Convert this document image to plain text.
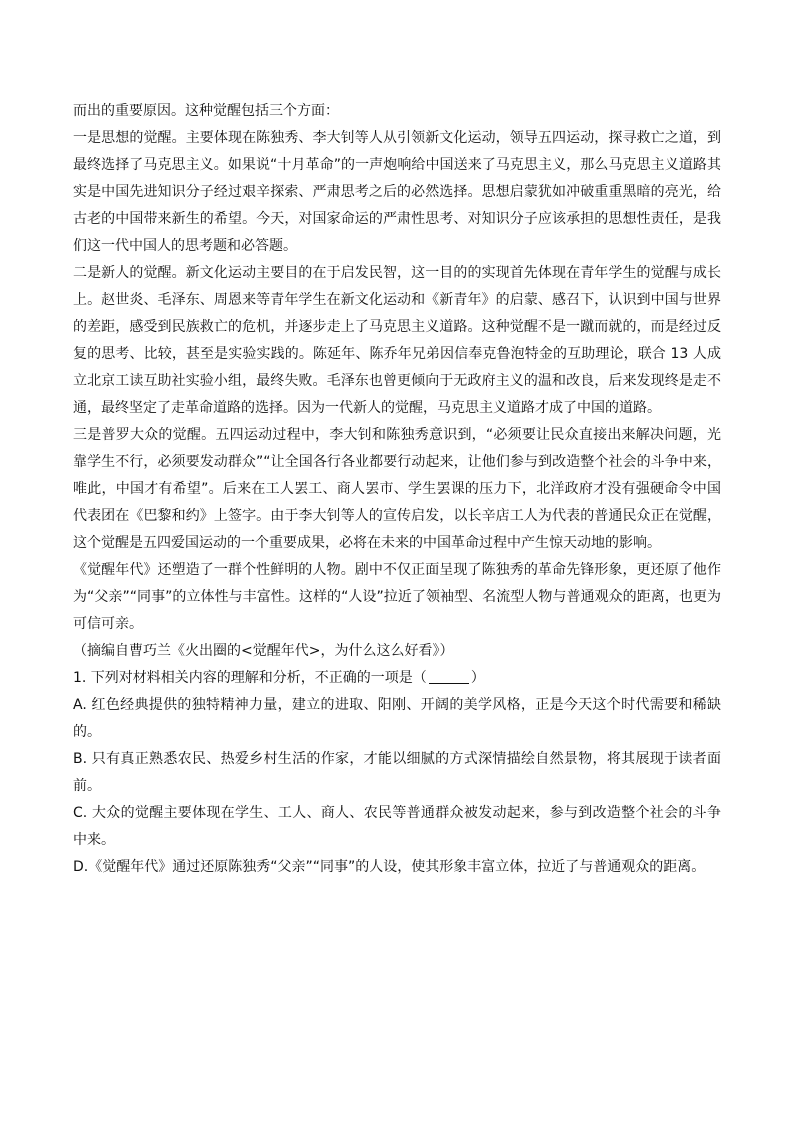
而出的重要原因。这种觉醒包括三个方面：

一是思想的觉醒。主要体现在陈独秀、李大钊等人从引领新文化运动，领导五四运动，探寻救亡之道，到最终选择了马克思主义。如果说“十月革命”的一声炮响给中国送来了马克思主义，那么马克思主义道路其实是中国先进知识分子经过艰辛探索、严肃思考之后的必然选择。思想启蒙犹如冲破重重黑暗的亮光，给古老的中国带来新生的希望。今天，对国家命运的严肃性思考、对知识分子应该承担的思想性责任，是我们这一代中国人的思考题和必答题。

二是新人的觉醒。新文化运动主要目的在于启发民智，这一目的的实现首先体现在青年学生的觉醒与成长上。赵世炎、毛泽东、周恩来等青年学生在新文化运动和《新青年》的启蒙、感召下，认识到中国与世界的差距，感受到民族救亡的危机，并逐步走上了马克思主义道路。这种觉醒不是一蹴而就的，而是经过反复的思考、比较，甚至是实验实践的。陈延年、陈乔年兄弟因信奉克鲁泡特金的互助理论，联合 13 人成立北京工读互助社实验小组，最终失败。毛泽东也曾更倾向于无政府主义的温和改良，后来发现终是走不通，最终坚定了走革命道路的选择。因为一代新人的觉醒，马克思主义道路才成了中国的道路。

三是普罗大众的觉醒。五四运动过程中，李大钊和陈独秀意识到，“必须要让民众直接出来解决问题，光靠学生不行，必须要发动群众”“让全国各行各业都要行动起来，让他们参与到改造整个社会的斗争中来，唯此，中国才有希望”。后来在工人罢工、商人罢市、学生罢课的压力下，北洋政府才没有强硬命令中国代表团在《巴黎和约》上签字。由于李大钊等人的宣传启发，以长辛店工人为代表的普通民众正在觉醒，这个觉醒是五四爱国运动的一个重要成果，必将在未来的中国革命过程中产生惊天动地的影响。

《觉醒年代》还塑造了一群个性鲜明的人物。剧中不仅正面呈现了陈独秀的革命先锋形象，更还原了他作为“父亲”“同事”的立体性与丰富性。这样的“人设”拉近了领袖型、名流型人物与普通观众的距离，也更为可信可亲。

（摘编自曹巧兰《火出圈的<觉醒年代>，为什么这么好看》）

1. 下列对材料相关内容的理解和分析，不正确的一项是（	）

A. 红色经典提供的独特精神力量，建立的进取、阳刚、开阔的美学风格，正是今天这个时代需要和稀缺的。

B. 只有真正熟悉农民、热爱乡村生活的作家，才能以细腻的方式深情描绘自然景物，将其展现于读者面前。

C. 大众的觉醒主要体现在学生、工人、商人、农民等普通群众被发动起来，参与到改造整个社会的斗争中来。

D.《觉醒年代》通过还原陈独秀“父亲”“同事”的人设，使其形象丰富立体，拉近了与普通观众的距离。
